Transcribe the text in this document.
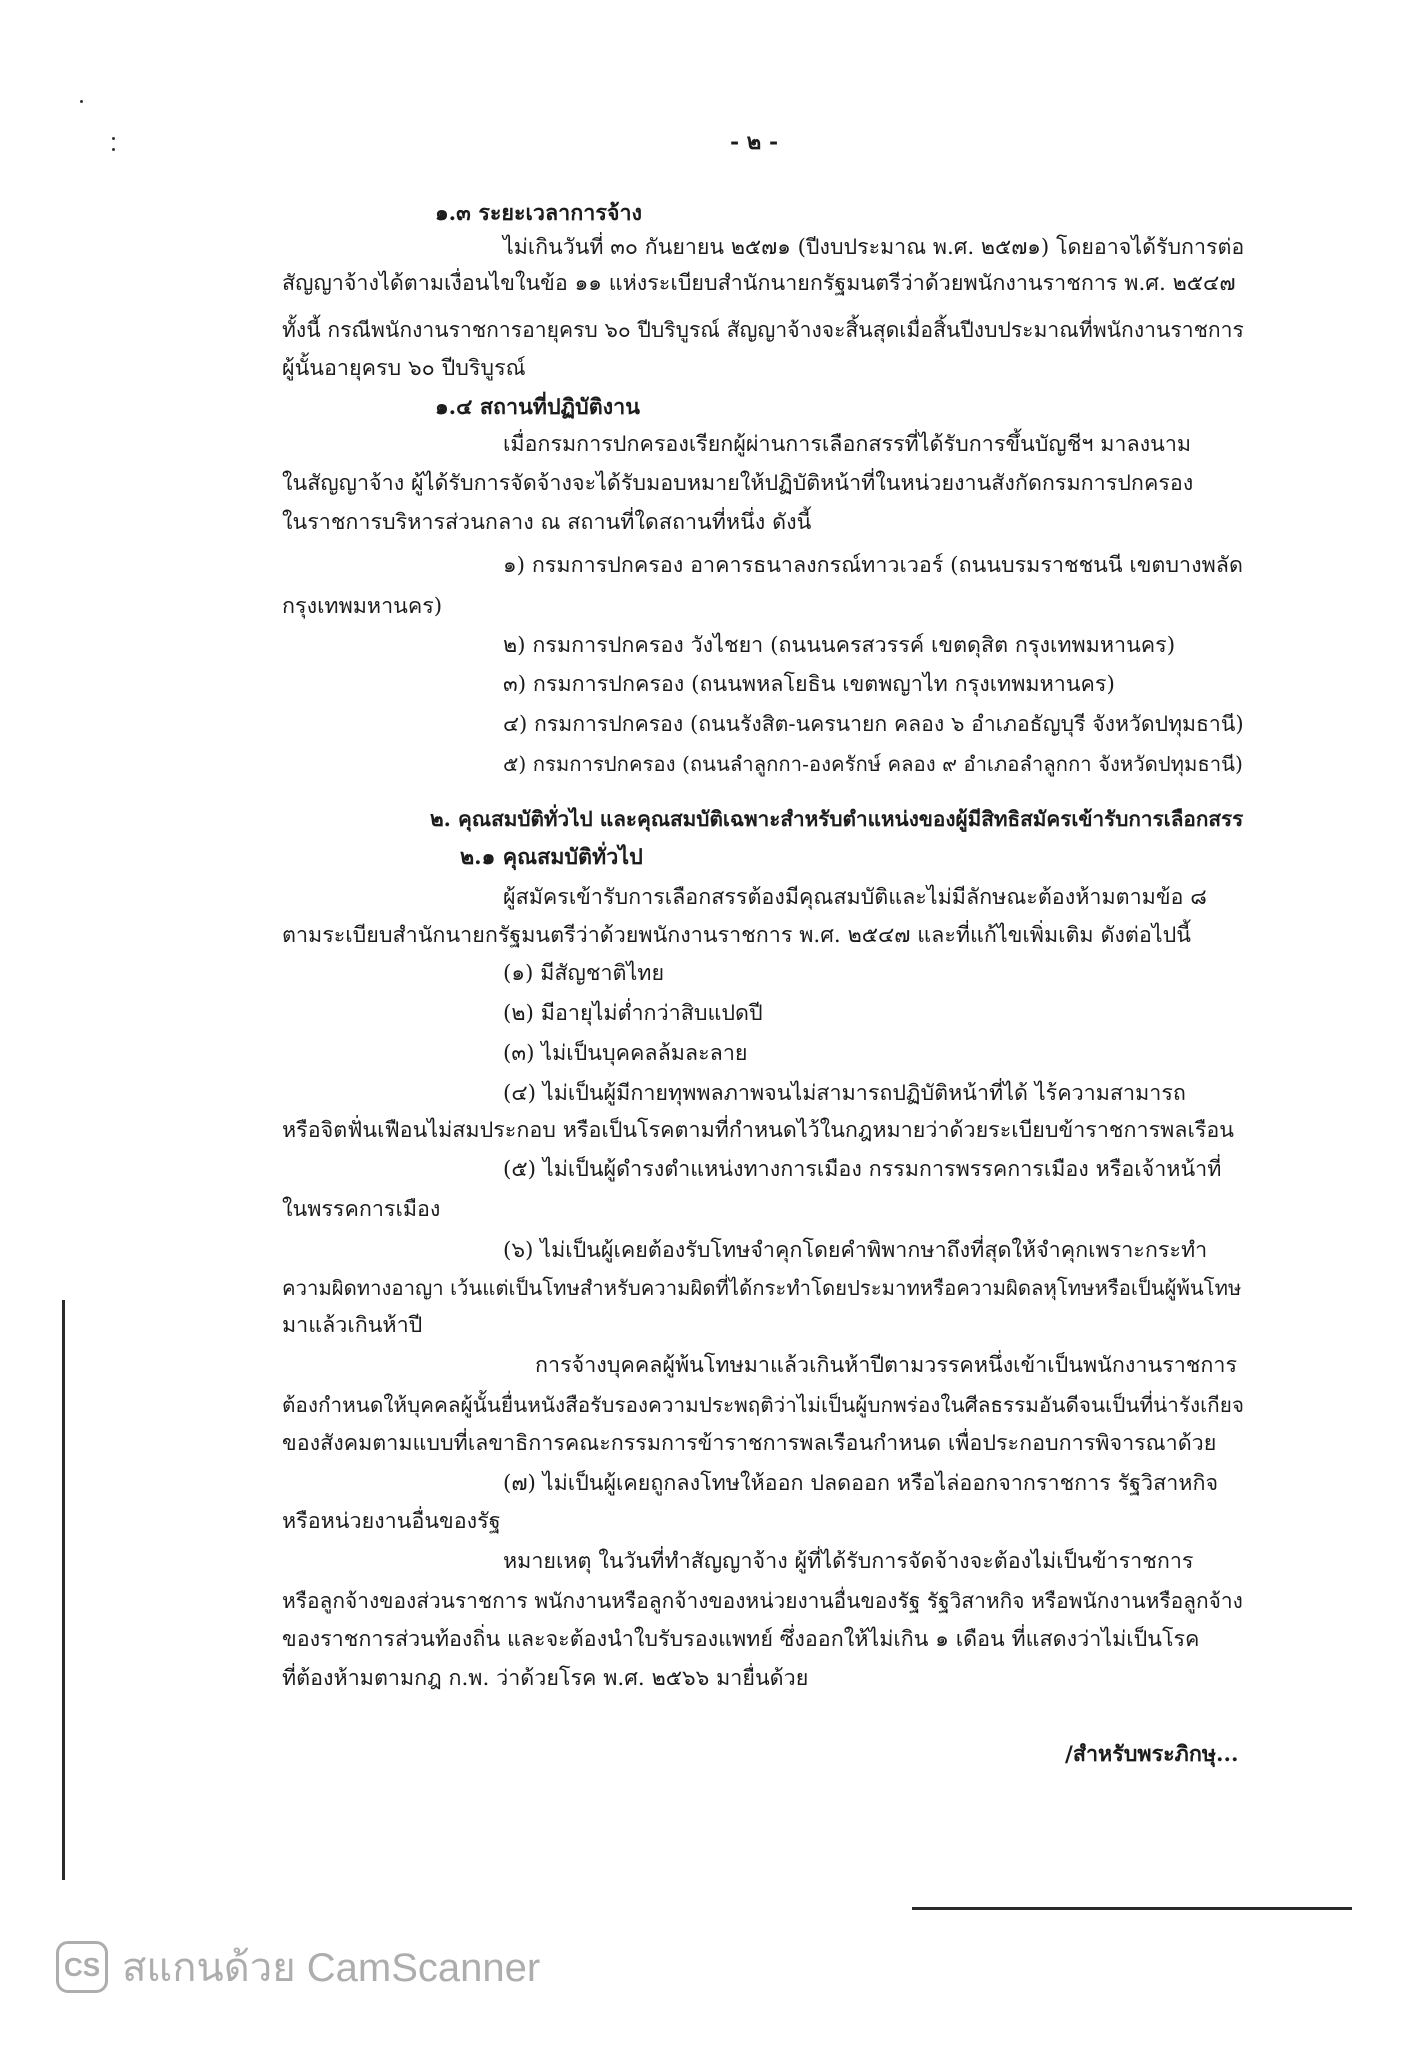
- ๒ -
๑.๓ ระยะเวลาการจ้าง
ไม่เกินวันที่ ๓๐ กันยายน ๒๕๗๑ (ปีงบประมาณ พ.ศ. ๒๕๗๑) โดยอาจได้รับการต่อ
สัญญาจ้างได้ตามเงื่อนไขในข้อ ๑๑ แห่งระเบียบสำนักนายกรัฐมนตรีว่าด้วยพนักงานราชการ พ.ศ. ๒๕๔๗
ทั้งนี้ กรณีพนักงานราชการอายุครบ ๖๐ ปีบริบูรณ์ สัญญาจ้างจะสิ้นสุดเมื่อสิ้นปีงบประมาณที่พนักงานราชการ
ผู้นั้นอายุครบ ๖๐ ปีบริบูรณ์
๑.๔ สถานที่ปฏิบัติงาน
เมื่อกรมการปกครองเรียกผู้ผ่านการเลือกสรรที่ได้รับการขึ้นบัญชีฯ มาลงนาม
ในสัญญาจ้าง ผู้ได้รับการจัดจ้างจะได้รับมอบหมายให้ปฏิบัติหน้าที่ในหน่วยงานสังกัดกรมการปกครอง
ในราชการบริหารส่วนกลาง ณ สถานที่ใดสถานที่หนึ่ง ดังนี้
๑) กรมการปกครอง อาคารธนาลงกรณ์ทาวเวอร์ (ถนนบรมราชชนนี เขตบางพลัด
กรุงเทพมหานคร)
๒) กรมการปกครอง วังไชยา (ถนนนครสวรรค์ เขตดุสิต กรุงเทพมหานคร)
๓) กรมการปกครอง (ถนนพหลโยธิน เขตพญาไท กรุงเทพมหานคร)
๔) กรมการปกครอง (ถนนรังสิต-นครนายก คลอง ๖ อำเภอธัญบุรี จังหวัดปทุมธานี)
๕) กรมการปกครอง (ถนนลำลูกกา-องครักษ์ คลอง ๙ อำเภอลำลูกกา จังหวัดปทุมธานี)
๒. คุณสมบัติทั่วไป และคุณสมบัติเฉพาะสำหรับตำแหน่งของผู้มีสิทธิสมัครเข้ารับการเลือกสรร
๒.๑ คุณสมบัติทั่วไป
ผู้สมัครเข้ารับการเลือกสรรต้องมีคุณสมบัติและไม่มีลักษณะต้องห้ามตามข้อ ๘
ตามระเบียบสำนักนายกรัฐมนตรีว่าด้วยพนักงานราชการ พ.ศ. ๒๕๔๗ และที่แก้ไขเพิ่มเติม ดังต่อไปนี้
(๑) มีสัญชาติไทย
(๒) มีอายุไม่ต่ำกว่าสิบแปดปี
(๓) ไม่เป็นบุคคลล้มละลาย
(๔) ไม่เป็นผู้มีกายทุพพลภาพจนไม่สามารถปฏิบัติหน้าที่ได้ ไร้ความสามารถ
หรือจิตฟั่นเฟือนไม่สมประกอบ หรือเป็นโรคตามที่กำหนดไว้ในกฎหมายว่าด้วยระเบียบข้าราชการพลเรือน
(๕) ไม่เป็นผู้ดำรงตำแหน่งทางการเมือง กรรมการพรรคการเมือง หรือเจ้าหน้าที่
ในพรรคการเมือง
(๖) ไม่เป็นผู้เคยต้องรับโทษจำคุกโดยคำพิพากษาถึงที่สุดให้จำคุกเพราะกระทำ
ความผิดทางอาญา เว้นแต่เป็นโทษสำหรับความผิดที่ได้กระทำโดยประมาทหรือความผิดลหุโทษหรือเป็นผู้พ้นโทษ
มาแล้วเกินห้าปี
การจ้างบุคคลผู้พ้นโทษมาแล้วเกินห้าปีตามวรรคหนึ่งเข้าเป็นพนักงานราชการ
ต้องกำหนดให้บุคคลผู้นั้นยื่นหนังสือรับรองความประพฤติว่าไม่เป็นผู้บกพร่องในศีลธรรมอันดีจนเป็นที่น่ารังเกียจ
ของสังคมตามแบบที่เลขาธิการคณะกรรมการข้าราชการพลเรือนกำหนด เพื่อประกอบการพิจารณาด้วย
(๗) ไม่เป็นผู้เคยถูกลงโทษให้ออก ปลดออก หรือไล่ออกจากราชการ รัฐวิสาหกิจ
หรือหน่วยงานอื่นของรัฐ
หมายเหตุ ในวันที่ทำสัญญาจ้าง ผู้ที่ได้รับการจัดจ้างจะต้องไม่เป็นข้าราชการ
หรือลูกจ้างของส่วนราชการ พนักงานหรือลูกจ้างของหน่วยงานอื่นของรัฐ รัฐวิสาหกิจ หรือพนักงานหรือลูกจ้าง
ของราชการส่วนท้องถิ่น และจะต้องนำใบรับรองแพทย์ ซึ่งออกให้ไม่เกิน ๑ เดือน ที่แสดงว่าไม่เป็นโรค
ที่ต้องห้ามตามกฎ ก.พ. ว่าด้วยโรค พ.ศ. ๒๕๖๖ มายื่นด้วย
/สำหรับพระภิกษุ...
CS สแกนด้วย CamScanner
